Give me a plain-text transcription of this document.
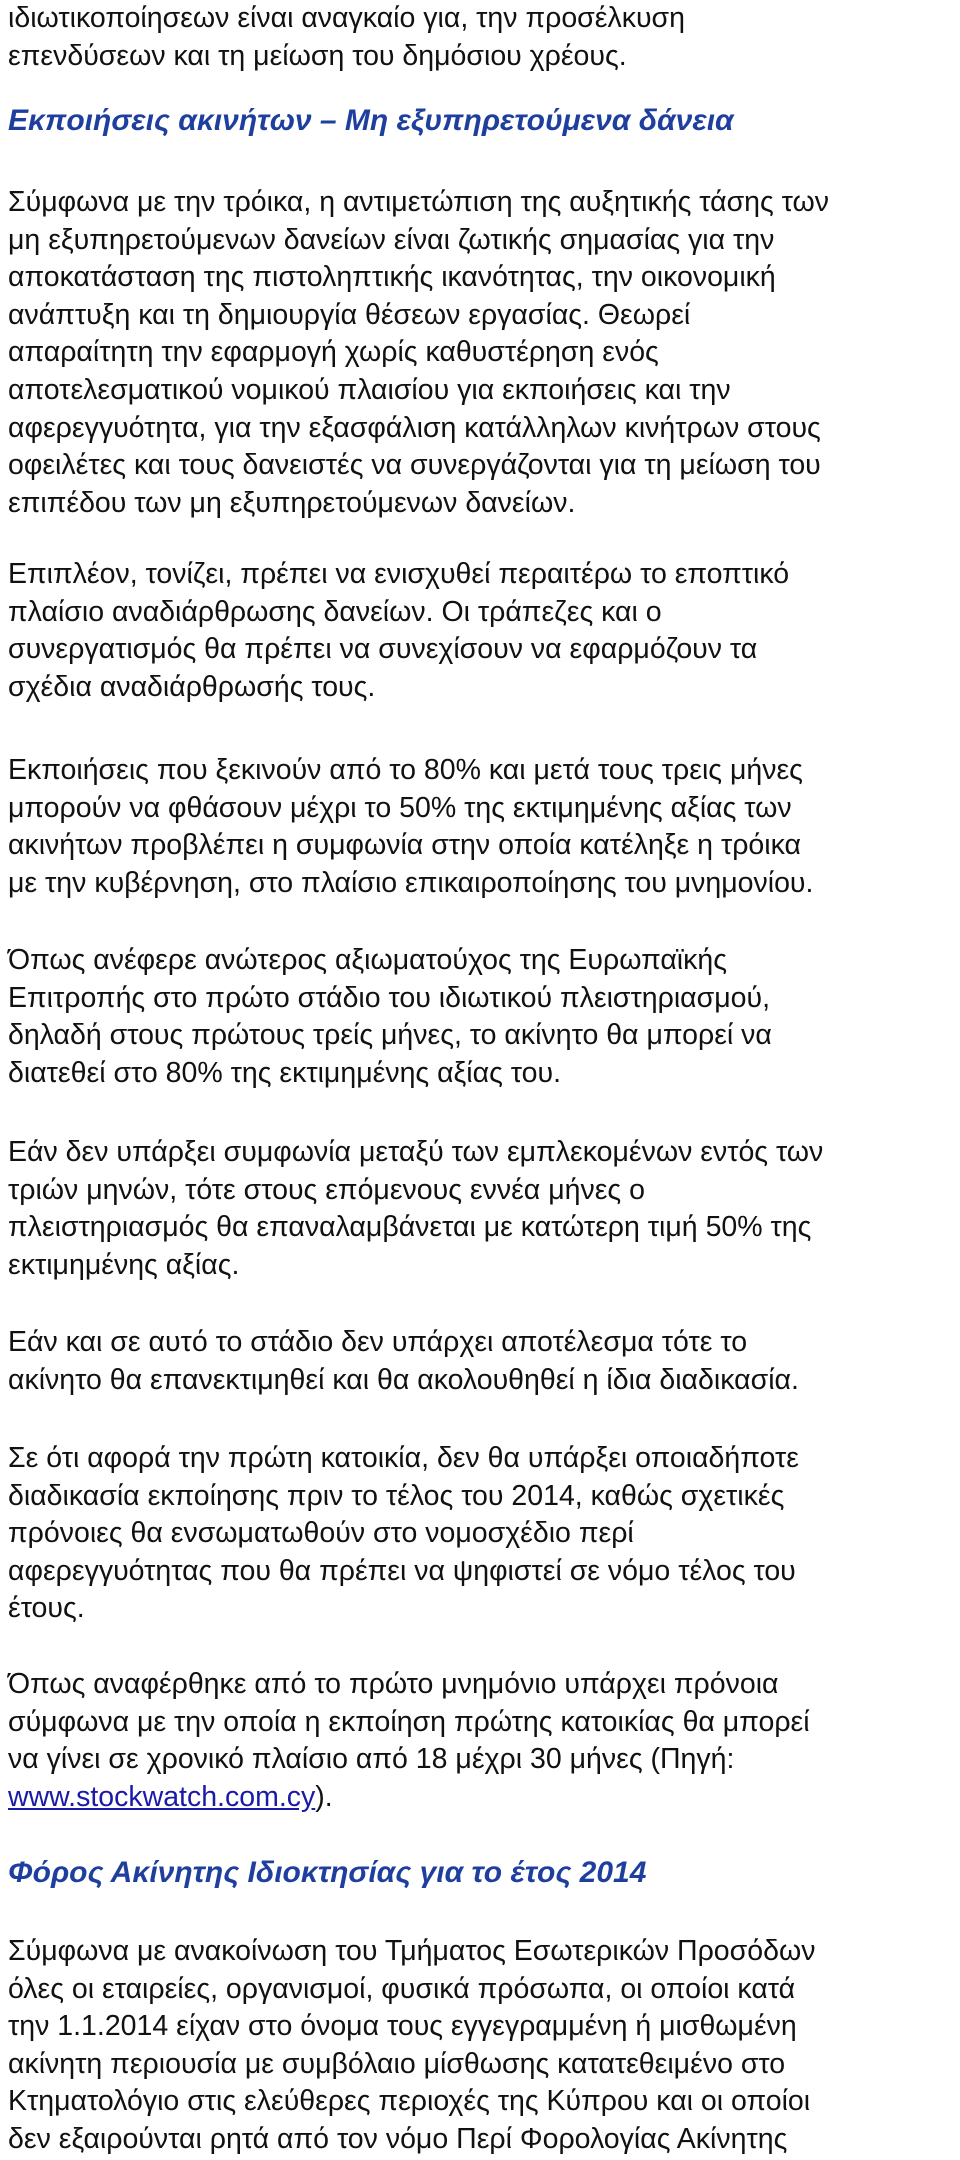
ιδιωτικοποίησεων είναι αναγκαίο για, την προσέλκυση
επενδύσεων και τη μείωση του δημόσιου χρέους.
Εκποιήσεις ακινήτων – Μη εξυπηρετούμενα δάνεια
Σύμφωνα με την τρόικα, η αντιμετώπιση της αυξητικής τάσης των
μη εξυπηρετούμενων δανείων είναι ζωτικής σημασίας για την
αποκατάσταση της πιστοληπτικής ικανότητας, την οικονομική
ανάπτυξη και τη δημιουργία θέσεων εργασίας. Θεωρεί
απαραίτητη την εφαρμογή χωρίς καθυστέρηση ενός
αποτελεσματικού νομικού πλαισίου για εκποιήσεις και την
αφερεγγυότητα, για την εξασφάλιση κατάλληλων κινήτρων στους
οφειλέτες και τους δανειστές να συνεργάζονται για τη μείωση του
επιπέδου των μη εξυπηρετούμενων δανείων.
Επιπλέον, τονίζει, πρέπει να ενισχυθεί περαιτέρω το εποπτικό
πλαίσιο αναδιάρθρωσης δανείων. Οι τράπεζες και ο
συνεργατισμός θα πρέπει να συνεχίσουν να εφαρμόζουν τα
σχέδια αναδιάρθρωσής τους.
Εκποιήσεις που ξεκινούν από το 80% και μετά τους τρεις μήνες
μπορούν να φθάσουν μέχρι το 50% της εκτιμημένης αξίας των
ακινήτων προβλέπει η συμφωνία στην οποία κατέληξε η τρόικα
με την κυβέρνηση, στο πλαίσιο επικαιροποίησης του μνημονίου.
Όπως ανέφερε ανώτερος αξιωματούχος της Ευρωπαϊκής
Επιτροπής στο πρώτο στάδιο του ιδιωτικού πλειστηριασμού,
δηλαδή στους πρώτους τρείς μήνες, το ακίνητο θα μπορεί να
διατεθεί στο 80% της εκτιμημένης αξίας του.
Εάν δεν υπάρξει συμφωνία μεταξύ των εμπλεκομένων εντός των
τριών μηνών, τότε στους επόμενους εννέα μήνες ο
πλειστηριασμός θα επαναλαμβάνεται με κατώτερη τιμή 50% της
εκτιμημένης αξίας.
Εάν και σε αυτό το στάδιο δεν υπάρχει αποτέλεσμα τότε το
ακίνητο θα επανεκτιμηθεί και θα ακολουθηθεί η ίδια διαδικασία.
Σε ότι αφορά την πρώτη κατοικία, δεν θα υπάρξει οποιαδήποτε
διαδικασία εκποίησης πριν το τέλος του 2014, καθώς σχετικές
πρόνοιες θα ενσωματωθούν στο νομοσχέδιο περί
αφερεγγυότητας που θα πρέπει να ψηφιστεί σε νόμο τέλος του
έτους.
Όπως αναφέρθηκε από το πρώτο μνημόνιο υπάρχει πρόνοια
σύμφωνα με την οποία η εκποίηση πρώτης κατοικίας θα μπορεί
να γίνει σε χρονικό πλαίσιο από 18 μέχρι 30 μήνες (Πηγή:
www.stockwatch.com.cy).
Φόρος Ακίνητης Ιδιοκτησίας για το έτος 2014
Σύμφωνα με ανακοίνωση του Τμήματος Εσωτερικών Προσόδων
όλες οι εταιρείες, οργανισμοί, φυσικά πρόσωπα, οι οποίοι κατά
την 1.1.2014 είχαν στο όνομα τους εγγεγραμμένη ή μισθωμένη
ακίνητη περιουσία με συμβόλαιο μίσθωσης κατατεθειμένο στο
Κτηματολόγιο στις ελεύθερες περιοχές της Κύπρου και οι οποίοι
δεν εξαιρούνται ρητά από τον νόμο Περί Φορολογίας Ακίνητης
